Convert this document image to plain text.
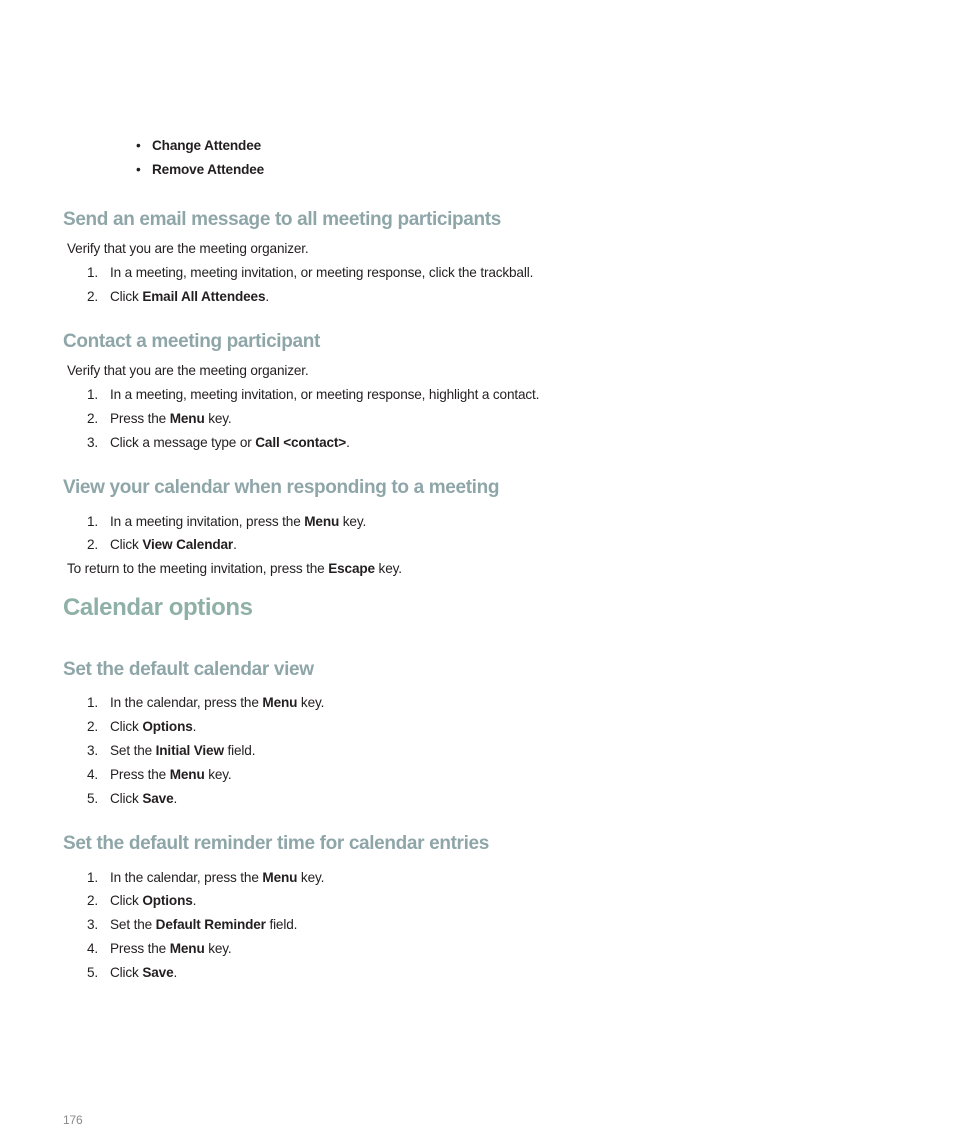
• Change Attendee
• Remove Attendee
Send an email message to all meeting participants
Verify that you are the meeting organizer.
1. In a meeting, meeting invitation, or meeting response, click the trackball.
2. Click Email All Attendees.
Contact a meeting participant
Verify that you are the meeting organizer.
1. In a meeting, meeting invitation, or meeting response, highlight a contact.
2. Press the Menu key.
3. Click a message type or Call <contact>.
View your calendar when responding to a meeting
1. In a meeting invitation, press the Menu key.
2. Click View Calendar.
To return to the meeting invitation, press the Escape key.
Calendar options
Set the default calendar view
1. In the calendar, press the Menu key.
2. Click Options.
3. Set the Initial View field.
4. Press the Menu key.
5. Click Save.
Set the default reminder time for calendar entries
1. In the calendar, press the Menu key.
2. Click Options.
3. Set the Default Reminder field.
4. Press the Menu key.
5. Click Save.
176
